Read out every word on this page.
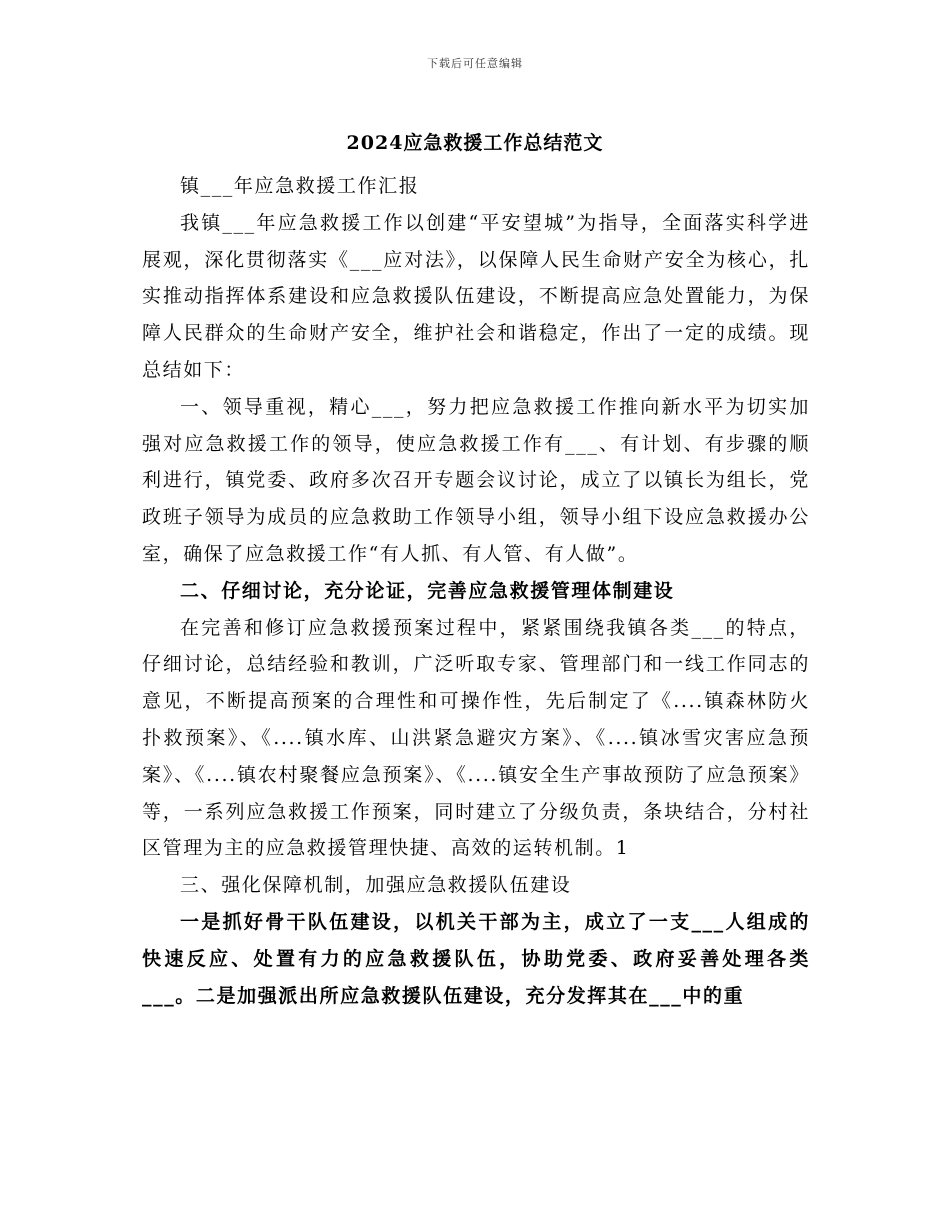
下载后可任意编辑
2024应急救援工作总结范文

镇___年应急救援工作汇报

我镇___年应急救援工作以创建“平安望城”为指导，全面落实科学进展观，深化贯彻落实《___应对法》，以保障人民生命财产安全为核心，扎实推动指挥体系建设和应急救援队伍建设，不断提高应急处置能力，为保障人民群众的生命财产安全，维护社会和谐稳定，作出了一定的成绩。现总结如下：

一、领导重视，精心___，努力把应急救援工作推向新水平为切实加强对应急救援工作的领导，使应急救援工作有___、有计划、有步骤的顺利进行，镇党委、政府多次召开专题会议讨论，成立了以镇长为组长，党政班子领导为成员的应急救助工作领导小组，领导小组下设应急救援办公室，确保了应急救援工作“有人抓、有人管、有人做”。

二、仔细讨论，充分论证，完善应急救援管理体制建设

在完善和修订应急救援预案过程中，紧紧围绕我镇各类___的特点，仔细讨论，总结经验和教训，广泛听取专家、管理部门和一线工作同志的意见，不断提高预案的合理性和可操作性，先后制定了《....镇森林防火扑救预案》、《....镇水库、山洪紧急避灾方案》、《....镇冰雪灾害应急预案》、《....镇农村聚餐应急预案》、《....镇安全生产事故预防了应急预案》等，一系列应急救援工作预案，同时建立了分级负责，条块结合，分村社区管理为主的应急救援管理快捷、高效的运转机制。1

三、强化保障机制，加强应急救援队伍建设

一是抓好骨干队伍建设，以机关干部为主，成立了一支___人组成的快速反应、处置有力的应急救援队伍，协助党委、政府妥善处理各类___。二是加强派出所应急救援队伍建设，充分发挥其在___中的重
